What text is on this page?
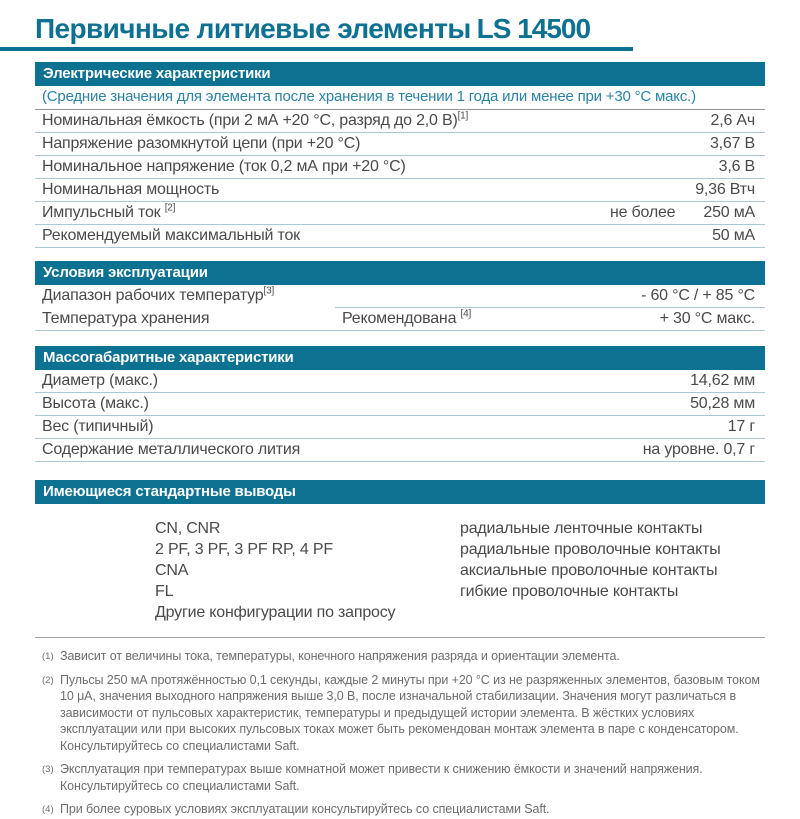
Первичные литиевые элементы LS 14500
Электрические характеристики
(Средние значения для элемента после хранения в течении 1 года или менее при +30 °C макс.)
Номинальная ёмкость (при 2 мА +20 °C, разряд до 2,0 В)[1]	2,6 Ач
Напряжение разомкнутой цепи (при +20 °C)	3,67 В
Номинальное напряжение (ток 0,2 мА при +20 °C)	3,6 В
Номинальная мощность	9,36 Втч
Импульсный ток [2]	не более	250 мА
Рекомендуемый максимальный ток	50 мА
Условия эксплуатации
Диапазон рабочих температур[3]	- 60 °C / + 85 °C
Температура хранения	Рекомендована [4]	+ 30 °C макс.
Массогабаритные характеристики
Диаметр (макс.)	14,62 мм
Высота (макс.)	50,28 мм
Вес (типичный)	17 г
Содержание металлического лития	на уровне. 0,7 г
Имеющиеся стандартные выводы
CN, CNR	радиальные ленточные контакты
2 PF, 3 PF, 3 PF RP, 4 PF	радиальные проволочные контакты
CNA	аксиальные проволочные контакты
FL	гибкие проволочные контакты
Другие конфигурации по запросу
(1) Зависит от величины тока, температуры, конечного напряжения разряда и ориентации элемента.
(2) Пульсы 250 мА протяжённостью 0,1 секунды, каждые 2 минуты при +20 °C из не разряженных элементов, базовым током 10 μА, значения выходного напряжения выше 3,0 В, после изначальной стабилизации. Значения могут различаться в зависимости от пульсовых характеристик, температуры и предыдущей истории элемента. В жёстких условиях эксплуатации или при высоких пульсовых токах может быть рекомендован монтаж элемента в паре с конденсатором. Консультируйтесь со специалистами Saft.
(3) Эксплуатация при температурах выше комнатной может привести к снижению ёмкости и значений напряжения. Консультируйтесь со специалистами Saft.
(4) При более суровых условиях эксплуатации консультируйтесь со специалистами Saft.
